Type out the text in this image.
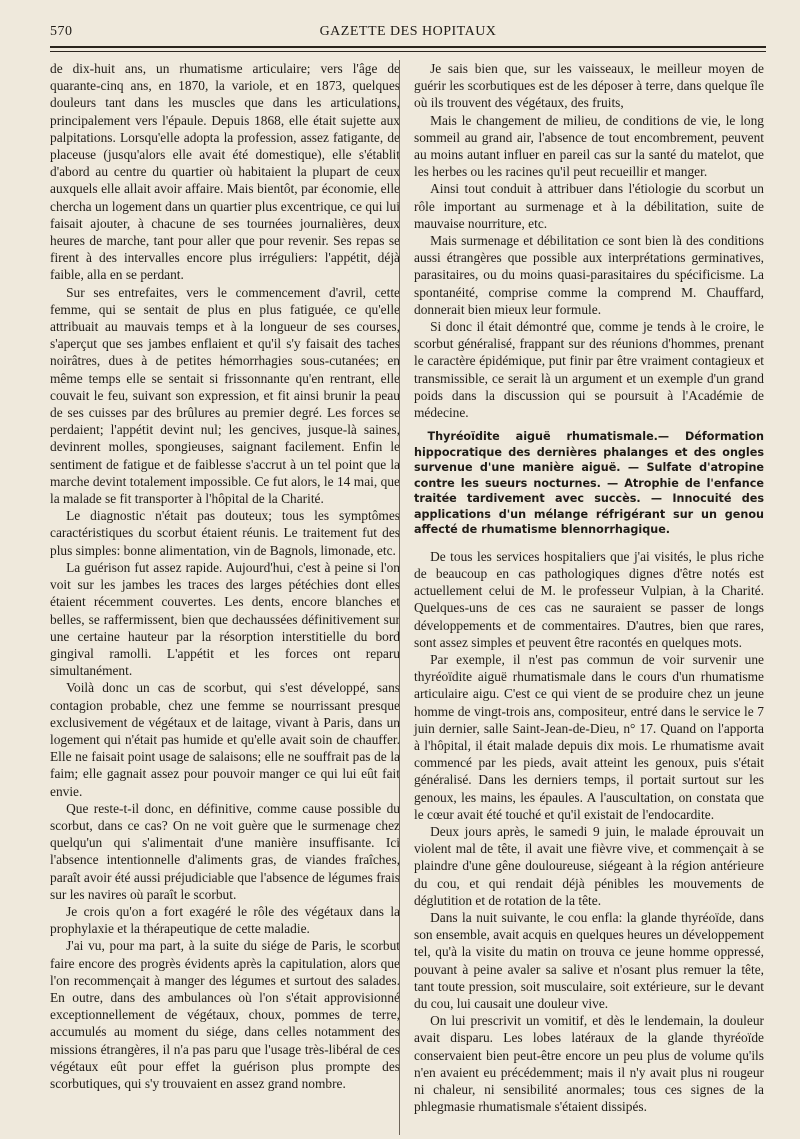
570	GAZETTE DES HOPITAUX

de dix-huit ans, un rhumatisme articulaire; vers l'âge de quarante-cinq ans, en 1870, la variole, et en 1873, quelques douleurs tant dans les muscles que dans les articulations, principalement vers l'épaule. Depuis 1868, elle était sujette aux palpitations. Lorsqu'elle adopta la profession, assez fatigante, de placeuse (jusqu'alors elle avait été domestique), elle s'établit d'abord au centre du quartier où habitaient la plupart de ceux auxquels elle allait avoir affaire. Mais bientôt, par économie, elle chercha un logement dans un quartier plus excentrique, ce qui lui faisait ajouter, à chacune de ses tournées journalières, deux heures de marche, tant pour aller que pour revenir. Ses repas se firent à des intervalles encore plus irréguliers: l'appétit, déjà faible, alla en se perdant.

Sur ses entrefaites, vers le commencement d'avril, cette femme, qui se sentait de plus en plus fatiguée, ce qu'elle attribuait au mauvais temps et à la longueur de ses courses, s'aperçut que ses jambes enflaient et qu'il s'y faisait des taches noirâtres, dues à de petites hémorrhagies sous-cutanées; en même temps elle se sentait si frissonnante qu'en rentrant, elle couvait le feu, suivant son expression, et fit ainsi brunir la peau de ses cuisses par des brûlures au premier degré. Les forces se perdaient; l'appétit devint nul; les gencives, jusque-là saines, devinrent molles, spongieuses, saignant facilement. Enfin le sentiment de fatigue et de faiblesse s'accrut à un tel point que la marche devint totalement impossible. Ce fut alors, le 14 mai, que la malade se fit transporter à l'hôpital de la Charité.

Le diagnostic n'était pas douteux; tous les symptômes caractéristiques du scorbut étaient réunis. Le traitement fut des plus simples: bonne alimentation, vin de Bagnols, limonade, etc.

La guérison fut assez rapide. Aujourd'hui, c'est à peine si l'on voit sur les jambes les traces des larges pétéchies dont elles étaient récemment couvertes. Les dents, encore blanches et belles, se raffermissent, bien que dechaussées définitivement sur une certaine hauteur par la résorption interstitielle du bord gingival ramolli. L'appétit et les forces ont reparu simultanément.

Voilà donc un cas de scorbut, qui s'est développé, sans contagion probable, chez une femme se nourrissant presque exclusivement de végétaux et de laitage, vivant à Paris, dans un logement qui n'était pas humide et qu'elle avait soin de chauffer. Elle ne faisait point usage de salaisons; elle ne souffrait pas de la faim; elle gagnait assez pour pouvoir manger ce qui lui eût fait envie.

Que reste-t-il donc, en définitive, comme cause possible du scorbut, dans ce cas? On ne voit guère que le surmenage chez quelqu'un qui s'alimentait d'une manière insuffisante. Ici l'absence intentionnelle d'aliments gras, de viandes fraîches, paraît avoir été aussi préjudiciable que l'absence de légumes frais sur les navires où paraît le scorbut.

Je crois qu'on a fort exagéré le rôle des végétaux dans la prophylaxie et la thérapeutique de cette maladie.

J'ai vu, pour ma part, à la suite du siége de Paris, le scorbut faire encore des progrès évidents après la capitulation, alors que l'on recommençait à manger des légumes et surtout des salades. En outre, dans des ambulances où l'on s'était approvisionné exceptionnellement de végétaux, choux, pommes de terre, accumulés au moment du siége, dans celles notamment des missions étrangères, il n'a pas paru que l'usage très-libéral de ces végétaux eût pour effet la guérison plus prompte des scorbutiques, qui s'y trouvaient en assez grand nombre.

Je sais bien que, sur les vaisseaux, le meilleur moyen de guérir les scorbutiques est de les déposer à terre, dans quelque île où ils trouvent des végétaux, des fruits,

Mais le changement de milieu, de conditions de vie, le long sommeil au grand air, l'absence de tout encombrement, peuvent au moins autant influer en pareil cas sur la santé du matelot, que les herbes ou les racines qu'il peut recueillir et manger.

Ainsi tout conduit à attribuer dans l'étiologie du scorbut un rôle important au surmenage et à la débilitation, suite de mauvaise nourriture, etc.

Mais surmenage et débilitation ce sont bien là des conditions aussi étrangères que possible aux interprétations germinatives, parasitaires, ou du moins quasi-parasitaires du spécificisme. La spontanéité, comprise comme la comprend M. Chauffard, donnerait bien mieux leur formule.

Si donc il était démontré que, comme je tends à le croire, le scorbut généralisé, frappant sur des réunions d'hommes, prenant le caractère épidémique, put finir par être vraiment contagieux et transmissible, ce serait là un argument et un exemple d'un grand poids dans la discussion qui se poursuit à l'Académie de médecine.

Thyréoïdite aiguë rhumatismale.— Déformation hippocratique des dernières phalanges et des ongles survenue d'une manière aiguë. — Sulfate d'atropine contre les sueurs nocturnes. — Atrophie de l'enfance traitée tardivement avec succès. — Innocuité des applications d'un mélange réfrigérant sur un genou affecté de rhumatisme blennorrhagique.

De tous les services hospitaliers que j'ai visités, le plus riche de beaucoup en cas pathologiques dignes d'être notés est actuellement celui de M. le professeur Vulpian, à la Charité. Quelques-uns de ces cas ne sauraient se passer de longs développements et de commentaires. D'autres, bien que rares, sont assez simples et peuvent être racontés en quelques mots.

Par exemple, il n'est pas commun de voir survenir une thyréoïdite aiguë rhumatismale dans le cours d'un rhumatisme articulaire aigu. C'est ce qui vient de se produire chez un jeune homme de vingt-trois ans, compositeur, entré dans le service le 7 juin dernier, salle Saint-Jean-de-Dieu, n° 17. Quand on l'apporta à l'hôpital, il était malade depuis dix mois. Le rhumatisme avait commencé par les pieds, avait atteint les genoux, puis s'était généralisé. Dans les derniers temps, il portait surtout sur les genoux, les mains, les épaules. A l'auscultation, on constata que le cœur avait été touché et qu'il existait de l'endocardite.

Deux jours après, le samedi 9 juin, le malade éprouvait un violent mal de tête, il avait une fièvre vive, et commençait à se plaindre d'une gêne douloureuse, siégeant à la région antérieure du cou, et qui rendait déjà pénibles les mouvements de déglutition et de rotation de la tête.

Dans la nuit suivante, le cou enfla: la glande thyréoïde, dans son ensemble, avait acquis en quelques heures un développement tel, qu'à la visite du matin on trouva ce jeune homme oppressé, pouvant à peine avaler sa salive et n'osant plus remuer la tête, tant toute pression, soit musculaire, soit extérieure, sur le devant du cou, lui causait une douleur vive.

On lui prescrivit un vomitif, et dès le lendemain, la douleur avait disparu. Les lobes latéraux de la glande thyréoïde conservaient bien peut-être encore un peu plus de volume qu'ils n'en avaient eu précédemment; mais il n'y avait plus ni rougeur ni chaleur, ni sensibilité anormales; tous ces signes de la phlegmasie rhumatismale s'étaient dissipés.
